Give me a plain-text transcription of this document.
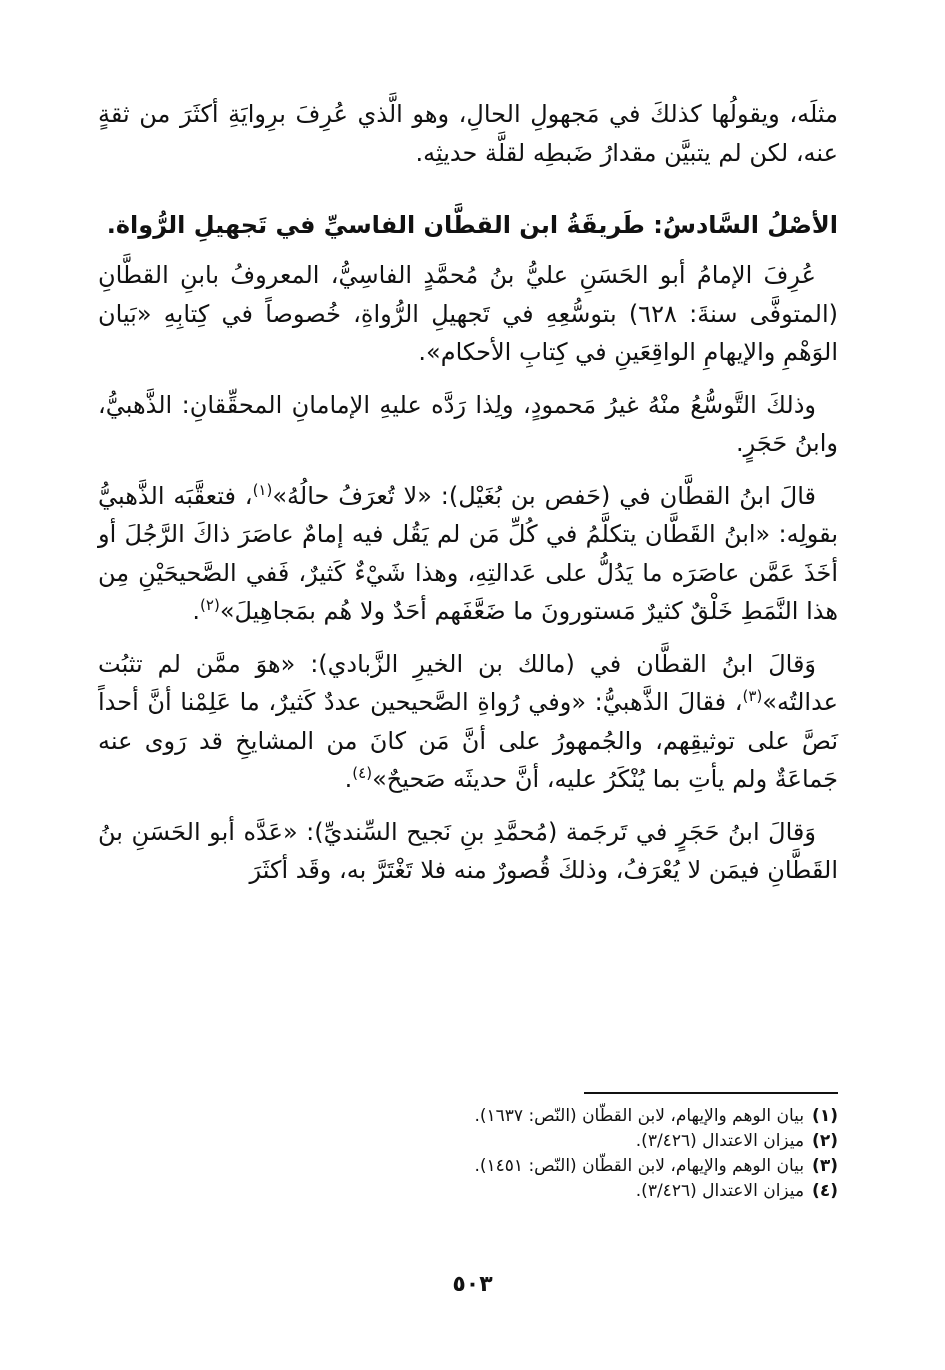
مثلَه، ويقولُها كذلكَ في مَجهولِ الحالِ، وهو الَّذي عُرِفَ برِوايَةِ أكثَرَ من ثقةٍ عنه، لكن لم يتبيَّن مقدارُ ضَبطِه لقلَّة حديثِه.

الأصْلُ السَّادسُ: طَريقَةُ ابن القطَّان الفاسيِّ في تَجهيلِ الرُّواة.

عُرِفَ الإمامُ أبو الحَسَنِ عليُّ بنُ مُحمَّدٍ الفاسِيُّ، المعروفُ بابنِ القطَّانِ (المتوفَّى سنةَ: ٦٢٨) بتوسُّعِهِ في تَجهيلِ الرُّواةِ، خُصوصاً في كِتابِهِ «بَيان الوَهْمِ والإيهامِ الواقِعَينِ في كِتابِ الأحكام».

وذلكَ التَّوسُّعُ منْهُ غيرُ مَحمودٍ، ولِذا رَدَّه عليهِ الإمامانِ المحقِّقانِ: الذَّهبيُّ، وابنُ حَجَرٍ.

قالَ ابنُ القطَّان في (حَفص بن بُغَيْل): «لا تُعرَفُ حالُهُ»$^{(١)}$، فتعقَّبَه الذَّهبيُّ بقولِه: «ابنُ القَطَّان يتكلَّمُ في كُلِّ مَن لم يَقُل فيه إمامٌ عاصَرَ ذاكَ الرَّجُلَ أو أخَذَ عَمَّن عاصَرَه ما يَدُلُّ على عَدالتِهِ، وهذا شَيْءٌ كَثيرٌ، فَفي الصَّحيحَيْنِ مِن هذا النَّمَطِ خَلْقٌ كثيرٌ مَستورونَ ما ضَعَّفَهم أحَدٌ ولا هُم بمَجاهِيلَ»$^{(٢)}$.

وَقالَ ابنُ القطَّان في (مالك بن الخيرِ الزَّبادي): «هوَ ممَّن لم تثبُت عدالتُه»$^{(٣)}$، فقالَ الذَّهبيُّ: «وفي رُواةِ الصَّحيحين عددٌ كَثيرٌ، ما عَلِمْنا أنَّ أحداً نَصَّ على توثيقِهم، والجُمهورُ على أنَّ مَن كانَ من المشايخِ قد رَوى عنه جَماعَةٌ ولم يأتِ بما يُنْكَرُ عليه، أنَّ حديثَه صَحيحٌ»$^{(٤)}$.

وَقالَ ابنُ حَجَرٍ في تَرجَمة (مُحمَّدِ بنِ نَجيح السِّنديِّ): «عَدَّه أبو الحَسَنِ بنُ القَطَّانِ فيمَن لا يُعْرَفُ، وذلكَ قُصورٌ منه فلا تَغْتَرَّ به، وقَد أكثَرَ

(١)بيان الوهم والإيهام، لابن القطّان (النّص: ١٦٣٧).
(٢)ميزان الاعتدال (٣/٤٢٦).
(٣)بيان الوهم والإيهام، لابن القطّان (النّص: ١٤٥١).
(٤)ميزان الاعتدال (٣/٤٢٦).
٥٠٣
